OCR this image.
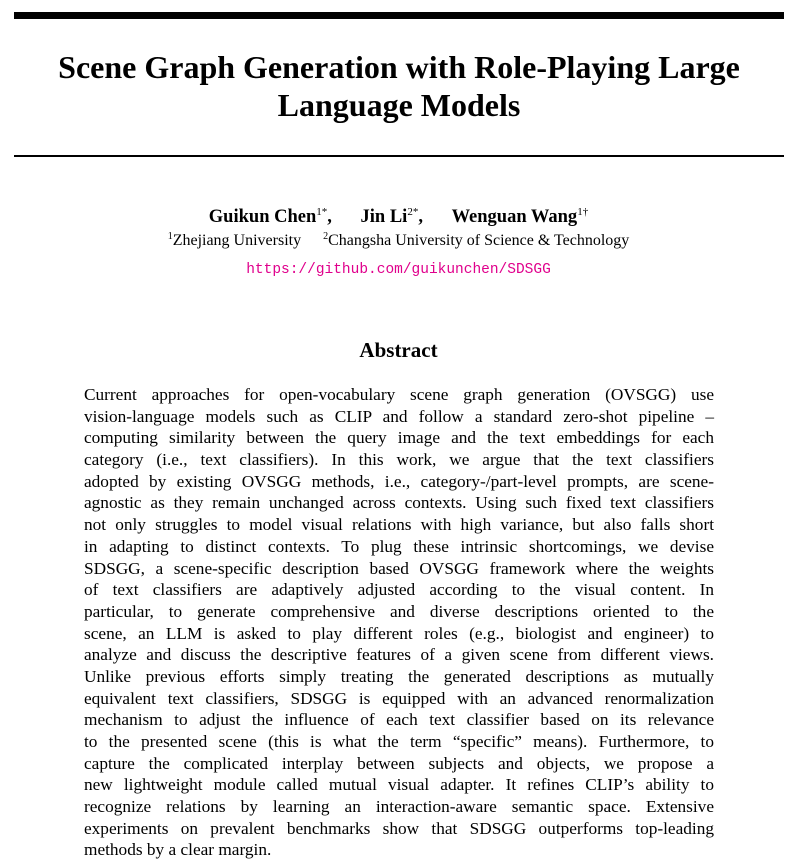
Scene Graph Generation with Role-Playing Large
Language Models
Guikun Chen$^{1*}$, Jin $Li^{2*}$, Wenguan Wang$^{1\dagger}$
$^1$Zhejiang University $^2$Changsha University of Science & Technology
https://github.com/guikunchen/SDSGG
Abstract
Current approaches for open-vocabulary scene graph generation (OVSGG) use
vision-language models such as CLIP and follow a standard zero-shot pipeline –
computing similarity between the query image and the text embeddings for each
category (i.e., text classifiers). In this work, we argue that the text classifiers
adopted by existing OVSGG methods, i.e., category-/part-level prompts, are scene-
agnostic as they remain unchanged across contexts. Using such fixed text classifiers
not only struggles to model visual relations with high variance, but also falls short
in adapting to distinct contexts. To plug these intrinsic shortcomings, we devise
SDSGG, a scene-specific description based OVSGG framework where the weights
of text classifiers are adaptively adjusted according to the visual content. In
particular, to generate comprehensive and diverse descriptions oriented to the
scene, an LLM is asked to play different roles (e.g., biologist and engineer) to
analyze and discuss the descriptive features of a given scene from different views.
Unlike previous efforts simply treating the generated descriptions as mutually
equivalent text classifiers, SDSGG is equipped with an advanced renormalization
mechanism to adjust the influence of each text classifier based on its relevance
to the presented scene (this is what the term “specific” means). Furthermore, to
capture the complicated interplay between subjects and objects, we propose a
new lightweight module called mutual visual adapter. It refines CLIP’s ability to
recognize relations by learning an interaction-aware semantic space. Extensive
experiments on prevalent benchmarks show that SDSGG outperforms top-leading
methods by a clear margin.
